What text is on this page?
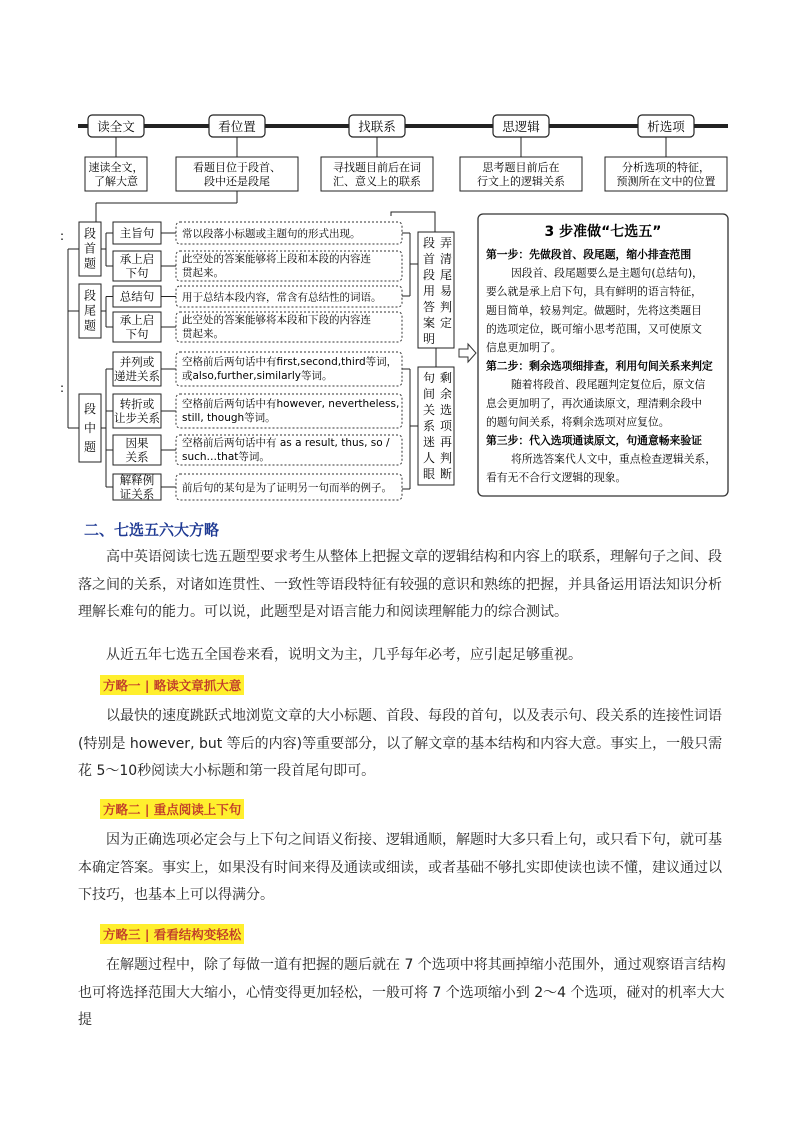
读全文
速读全文，
了解大意
看位置
看题目位于段首、
段中还是段尾
找联系
寻找题目前后在词
汇、意义上的联系
思逻辑
思考题目前后在
行文上的逻辑关系
析选项
分析选项的特征，
预测所在文中的位置
段
首
题
段
尾
题
段
中
题
主旨句	常以段落小标题或主题句的形式出现。
承上启
下句
此空处的答案能够将上段和本段的内容连
贯起来。
总结句	用于总结本段内容，常含有总结性的词语。
承上启
下句
此空处的答案能够将本段和下段的内容连
贯起来。
并列或
递进关系
空格前后两句话中有first,second,third等词，
或also,further,similarly等词。
转折或
让步关系
空格前后两句话中有however, nevertheless,
still, though等词。
因果
关系
空格前后两句话中有 as a result, thus, so /
such…that等词。
解释例
证关系	前后句的某句是为了证明另一句而举的例子。
段 弄
首 清
段 尾
用 易
答 判
案 定
明
句 剩
间 余
关 选
系 项
迷 再
人 判
眼 断
3 步准做“七选五”
第一步：先做段首、段尾题，缩小排查范围
因段首、段尾题要么是主题句(总结句)，
要么就是承上启下句，具有鲜明的语言特征，
题目简单，较易判定。做题时，先将这类题目
的选项定位，既可缩小思考范围，又可使原文
信息更加明了。
第二步：剩余选项细排查，利用句间关系来判定
随着将段首、段尾题判定复位后，原文信
息会更加明了，再次通读原文，理清剩余段中
的题句间关系，将剩余选项对应复位。
第三步：代入选项通读原文，句通意畅来验证
将所选答案代人文中，重点检查逻辑关系，
看有无不合行文逻辑的现象。
:
:
二、七选五六大方略
高中英语阅读七选五题型要求考生从整体上把握文章的逻辑结构和内容上的联系，理解句子之间、段落之间的关系，对诸如连贯性、一致性等语段特征有较强的意识和熟练的把握，并具备运用语法知识分析理解长难句的能力。可以说，此题型是对语言能力和阅读理解能力的综合测试。
从近五年七选五全国卷来看，说明文为主，几乎每年必考，应引起足够重视。
方略一 | 略读文章抓大意
以最快的速度跳跃式地浏览文章的大小标题、首段、每段的首句，以及表示句、段关系的连接性词语(特别是 however, but 等后的内容)等重要部分，以了解文章的基本结构和内容大意。事实上，一般只需花 5～10秒阅读大小标题和第一段首尾句即可。
方略二 | 重点阅读上下句
因为正确选项必定会与上下句之间语义衔接、逻辑通顺，解题时大多只看上句，或只看下句，就可基本确定答案。事实上，如果没有时间来得及通读或细读，或者基础不够扎实即使读也读不懂，建议通过以下技巧，也基本上可以得满分。
方略三 | 看看结构变轻松
在解题过程中，除了每做一道有把握的题后就在 7 个选项中将其画掉缩小范围外，通过观察语言结构也可将选择范围大大缩小，心情变得更加轻松，一般可将 7 个选项缩小到 2～4 个选项，碰对的机率大大提
